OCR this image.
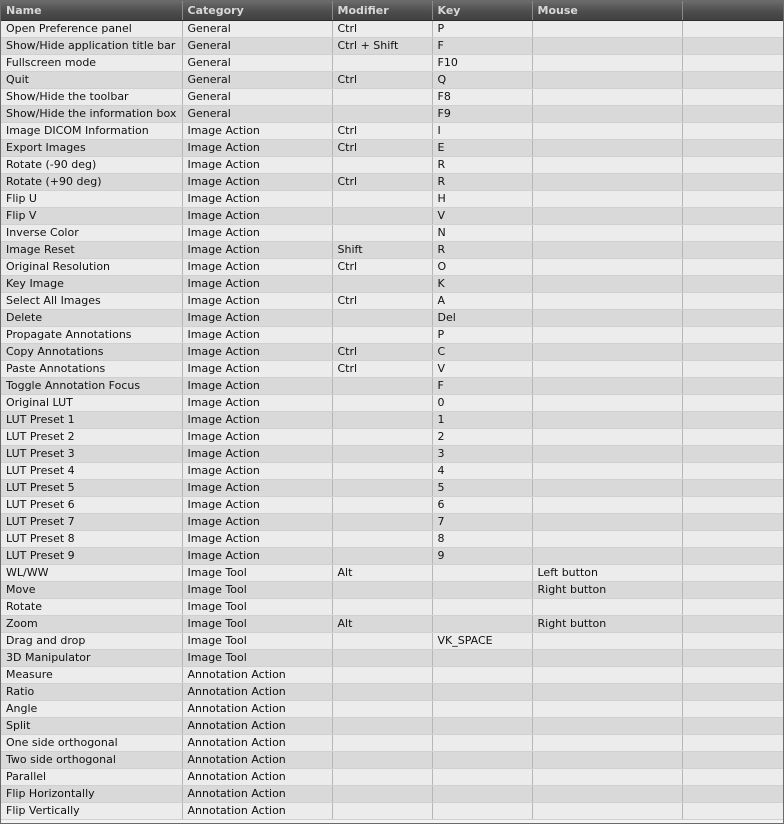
Name	Category	Modifier	Key	Mouse	
Open Preference panel	General	Ctrl	P		
Show/Hide application title bar	General	Ctrl + Shift	F		
Fullscreen mode	General		F10		
Quit	General	Ctrl	Q		
Show/Hide the toolbar	General		F8		
Show/Hide the information box	General		F9		
Image DICOM Information	Image Action	Ctrl	I		
Export Images	Image Action	Ctrl	E		
Rotate (-90 deg)	Image Action		R		
Rotate (+90 deg)	Image Action	Ctrl	R		
Flip U	Image Action		H		
Flip V	Image Action		V		
Inverse Color	Image Action		N		
Image Reset	Image Action	Shift	R		
Original Resolution	Image Action	Ctrl	O		
Key Image	Image Action		K		
Select All Images	Image Action	Ctrl	A		
Delete	Image Action		Del		
Propagate Annotations	Image Action		P		
Copy Annotations	Image Action	Ctrl	C		
Paste Annotations	Image Action	Ctrl	V		
Toggle Annotation Focus	Image Action		F		
Original LUT	Image Action		0		
LUT Preset 1	Image Action		1		
LUT Preset 2	Image Action		2		
LUT Preset 3	Image Action		3		
LUT Preset 4	Image Action		4		
LUT Preset 5	Image Action		5		
LUT Preset 6	Image Action		6		
LUT Preset 7	Image Action		7		
LUT Preset 8	Image Action		8		
LUT Preset 9	Image Action		9		
WL/WW	Image Tool	Alt		Left button	
Move	Image Tool			Right button	
Rotate	Image Tool				
Zoom	Image Tool	Alt		Right button	
Drag and drop	Image Tool		VK_SPACE		
3D Manipulator	Image Tool				
Measure	Annotation Action				
Ratio	Annotation Action				
Angle	Annotation Action				
Split	Annotation Action				
One side orthogonal	Annotation Action				
Two side orthogonal	Annotation Action				
Parallel	Annotation Action				
Flip Horizontally	Annotation Action				
Flip Vertically	Annotation Action				
